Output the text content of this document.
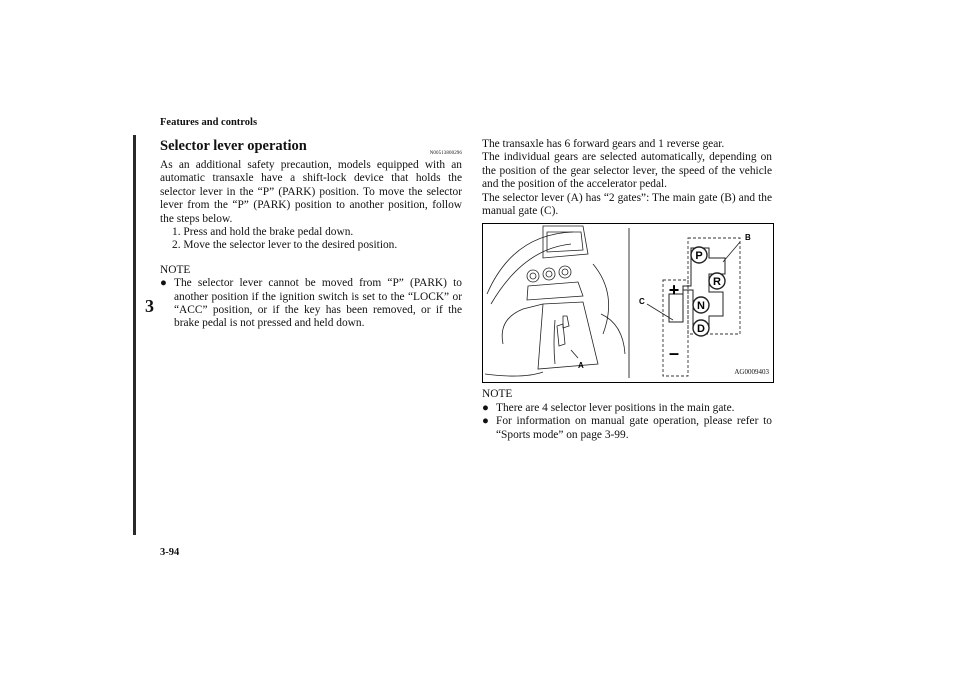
Features and controls
3
Selector lever operation	N00513800296

As an additional safety precaution, models equipped with an automatic transaxle have a shift-lock device that holds the selector lever in the “P” (PARK) position. To move the selector lever from the “P” (PARK) position to another position, follow the steps below.

1. Press and hold the brake pedal down.

2. Move the selector lever to the desired position.

NOTE

● The selector lever cannot be moved from “P” (PARK) to another position if the ignition switch is set to the “LOCK” or “ACC” position, or if the key has been removed, or if the brake pedal is not pressed and held down.

The transaxle has 6 forward gears and 1 reverse gear.

The individual gears are selected automatically, depending on the position of the gear selector lever, the speed of the vehicle and the position of the accelerator pedal.

The selector lever (A) has “2 gates”: The main gate (B) and the manual gate (C).

A
P
R
N
D
+
–
B
C
AG0009403

NOTE

● There are 4 selector lever positions in the main gate.
● For information on manual gate operation, please refer to “Sports mode” on page 3-99.
3-94
